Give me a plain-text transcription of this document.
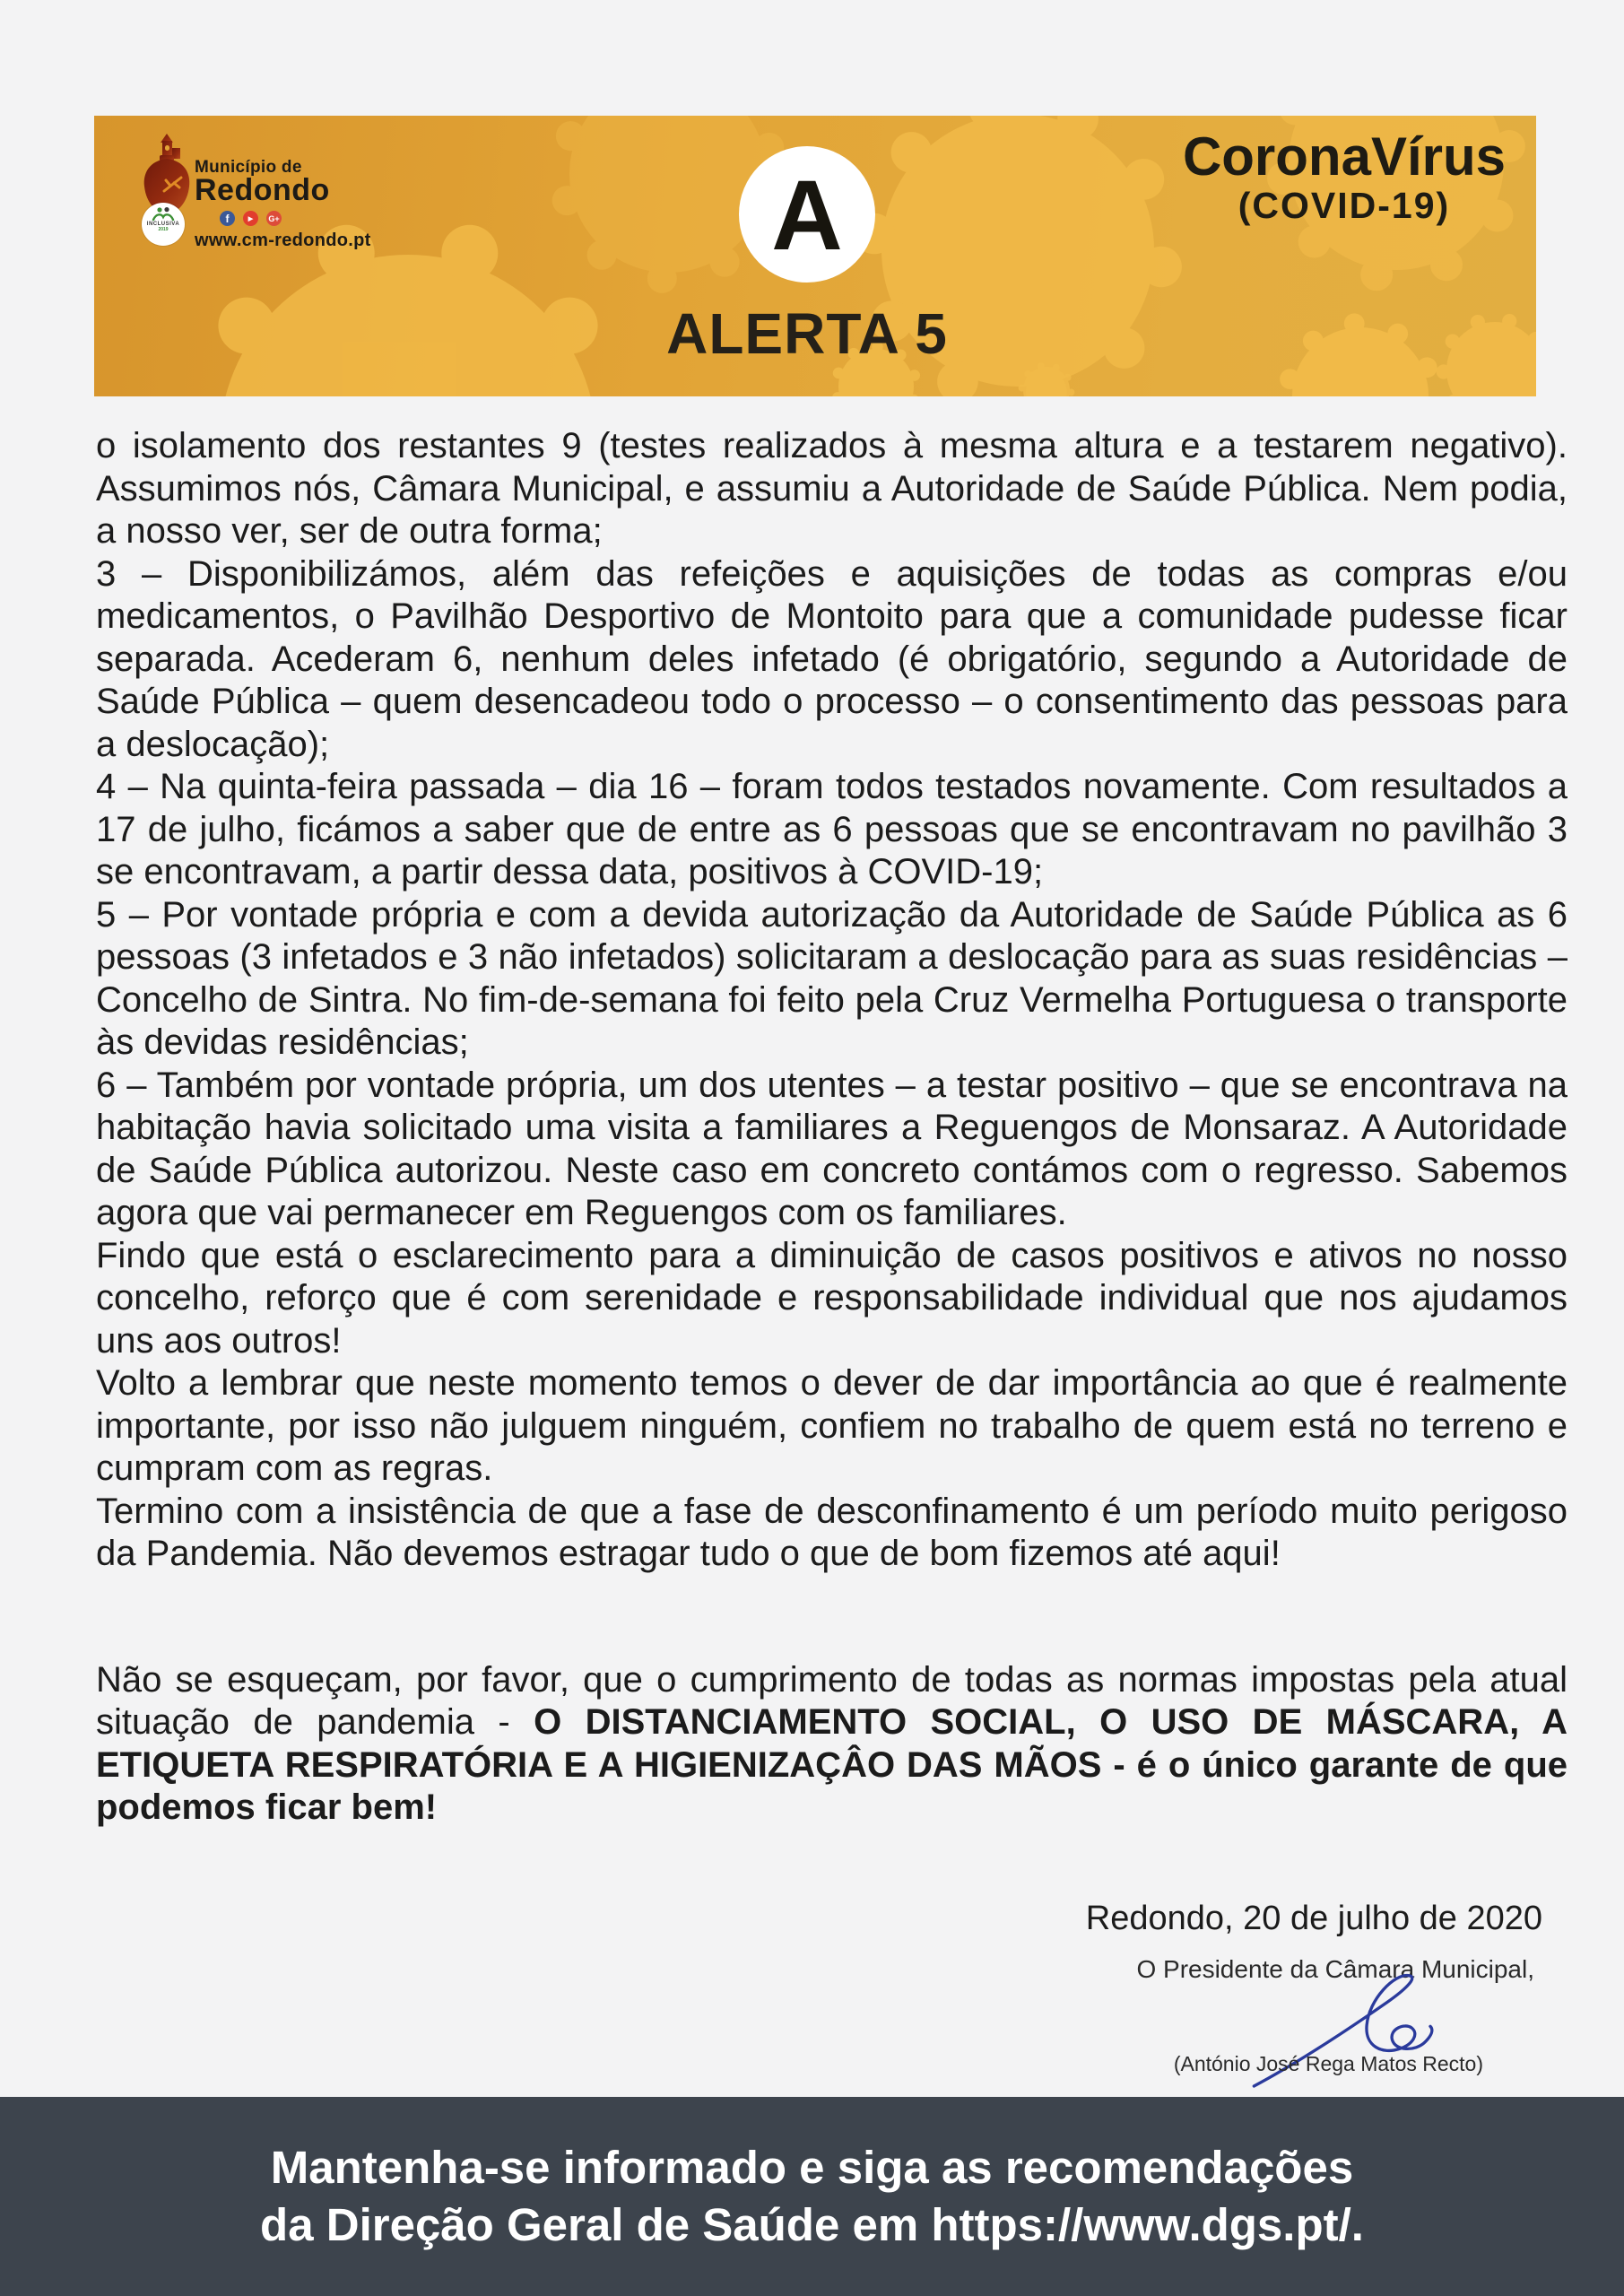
INCLUSIVA
2019
Município de
Redondo
f	▶	G+
www.cm-redondo.pt	A
ALERTA 5
CoronaVírus
(COVID-19)

o isolamento dos restantes 9 (testes realizados à mesma altura e a testarem negativo). Assumimos nós, Câmara Municipal, e assumiu a Autoridade de Saúde Pública. Nem podia, a nosso ver, ser de outra forma;

3 – Disponibilizámos, além das refeições e aquisições de todas as compras e/ou medicamentos, o Pavilhão Desportivo de Montoito para que a comunidade pudesse ficar separada. Acederam 6, nenhum deles infetado (é obrigatório, segundo a Autoridade de Saúde Pública – quem desencadeou todo o processo – o consentimento das pessoas para a deslocação);

4 – Na quinta-feira passada – dia 16 – foram todos testados novamente. Com resultados a 17 de julho, ficámos a saber que de entre as 6 pessoas que se encontravam no pavilhão 3 se encontravam, a partir dessa data, positivos à COVID-19;

5 – Por vontade própria e com a devida autorização da Autoridade de Saúde Pública as 6 pessoas (3 infetados e 3 não infetados) solicitaram a deslocação para as suas residências – Concelho de Sintra. No fim-de-semana foi feito pela Cruz Vermelha Portuguesa o transporte às devidas residências;

6 – Também por vontade própria, um dos utentes – a testar positivo – que se encontrava na habitação havia solicitado uma visita a familiares a Reguengos de Monsaraz. A Autoridade de Saúde Pública autorizou. Neste caso em concreto contámos com o regresso. Sabemos agora que vai permanecer em Reguengos com os familiares.

Findo que está o esclarecimento para a diminuição de casos positivos e ativos no nosso concelho, reforço que é com serenidade e responsabilidade individual que nos ajudamos uns aos outros!

Volto a lembrar que neste momento temos o dever de dar importância ao que é realmente importante, por isso não julguem ninguém, confiem no trabalho de quem está no terreno e cumpram com as regras.

Termino com a insistência de que a fase de desconfinamento é um período muito perigoso da Pandemia. Não devemos estragar tudo o que de bom fizemos até aqui!

Não se esqueçam, por favor, que o cumprimento de todas as normas impostas pela atual situação de pandemia - O DISTANCIAMENTO SOCIAL, O USO DE MÁSCARA, A ETIQUETA RESPIRATÓRIA E A HIGIENIZAÇÂO DAS MÃOS - é o único garante de que podemos ficar bem!

Redondo, 20 de julho de 2020
O Presidente da Câmara Municipal,
(António José Rega Matos Recto)
Mantenha-se informado e siga as recomendações
da Direção Geral de Saúde em https://www.dgs.pt/.
